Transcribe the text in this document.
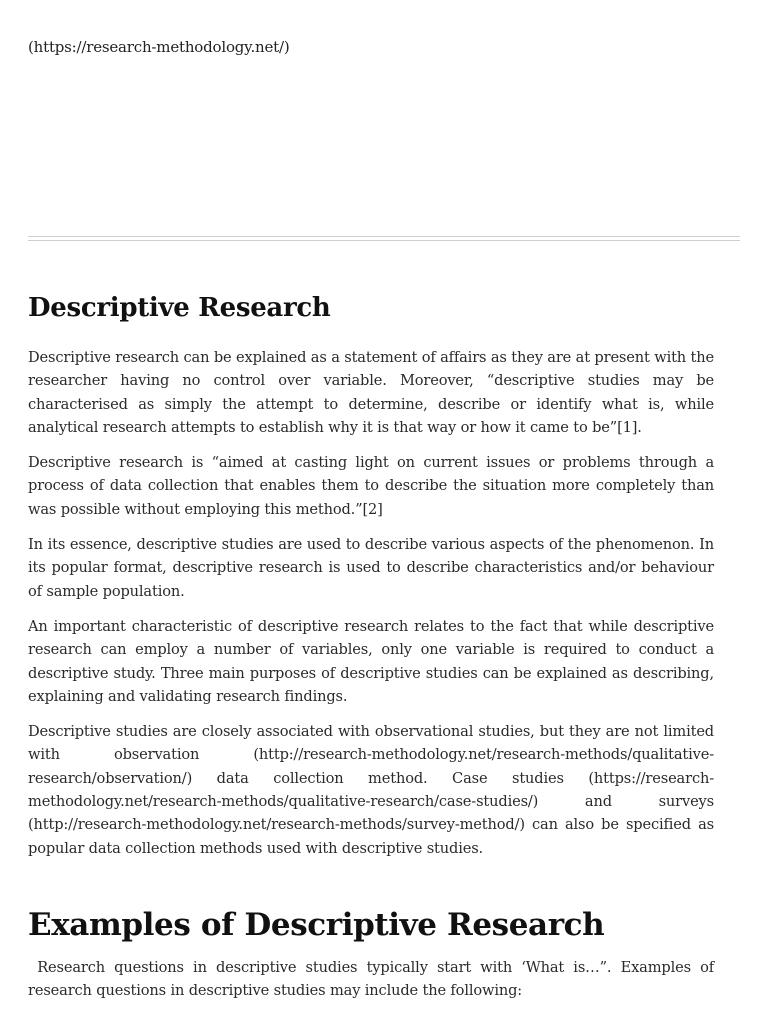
(https://research-methodology.net/)
Descriptive Research

Descriptive research can be explained as a statement of affairs as they are at present with the researcher having no control over variable. Moreover, “descriptive studies may be characterised as simply the attempt to determine, describe or identify what is, while analytical research attempts to establish why it is that way or how it came to be”[1].

Descriptive research is “aimed at casting light on current issues or problems through a process of data collection that enables them to describe the situation more completely than was possible without employing this method.”[2]

In its essence, descriptive studies are used to describe various aspects of the phenomenon. In its popular format, descriptive research is used to describe characteristics and/or behaviour of sample population.

An important characteristic of descriptive research relates to the fact that while descriptive research can employ a number of variables, only one variable is required to conduct a descriptive study. Three main purposes of descriptive studies can be explained as describing, explaining and validating research findings.

Descriptive studies are closely associated with observational studies, but they are not limited with observation (http://research-methodology.net/research-methods/qualitative-research/observation/) data collection method. Case studies (https://research-methodology.net/research-methods/qualitative-research/case-studies/) and surveys (http://research-methodology.net/research-methods/survey-method/) can also be specified as popular data collection methods used with descriptive studies.

Examples of Descriptive Research

Research questions in descriptive studies typically start with ‘What is…”. Examples of research questions in descriptive studies may include the following:
